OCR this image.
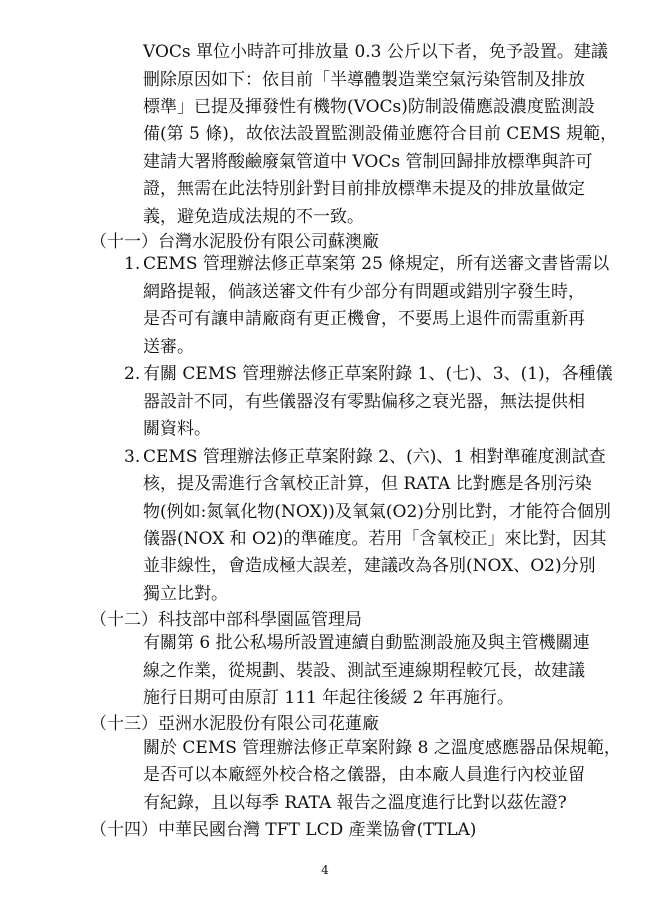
VOCs 單位小時許可排放量 0.3 公斤以下者，免予設置。建議
刪除原因如下：依目前「半導體製造業空氣污染管制及排放
標準」已提及揮發性有機物(VOCs)防制設備應設濃度監測設
備(第 5 條)，故依法設置監測設備並應符合目前 CEMS 規範，
建請大署將酸鹼廢氣管道中 VOCs 管制回歸排放標準與許可
證，無需在此法特別針對目前排放標準未提及的排放量做定
義，避免造成法規的不一致。
（十一）台灣水泥股份有限公司蘇澳廠
1. CEMS 管理辦法修正草案第 25 條規定，所有送審文書皆需以
網路提報，倘該送審文件有少部分有問題或錯別字發生時，
是否可有讓申請廠商有更正機會，不要馬上退件而需重新再
送審。
2. 有關 CEMS 管理辦法修正草案附錄 1、(七)、3、(1)，各種儀
器設計不同，有些儀器沒有零點偏移之衰光器，無法提供相
關資料。
3. CEMS 管理辦法修正草案附錄 2、(六)、1 相對準確度測試查
核，提及需進行含氧校正計算，但 RATA 比對應是各別污染
物(例如:氮氧化物(NOX))及氧氣(O2)分別比對，才能符合個別
儀器(NOX 和 O2)的準確度。若用「含氧校正」來比對，因其
並非線性，會造成極大誤差，建議改為各別(NOX、O2)分別
獨立比對。
（十二）科技部中部科學園區管理局
有關第 6 批公私場所設置連續自動監測設施及與主管機關連
線之作業，從規劃、裝設、測試至連線期程較冗長，故建議
施行日期可由原訂 111 年起往後緩 2 年再施行。
（十三）亞洲水泥股份有限公司花蓮廠
關於 CEMS 管理辦法修正草案附錄 8 之溫度感應器品保規範，
是否可以本廠經外校合格之儀器，由本廠人員進行內校並留
有紀錄，且以每季 RATA 報告之溫度進行比對以茲佐證?
（十四）中華民國台灣 TFT LCD 產業協會(TTLA)
4
